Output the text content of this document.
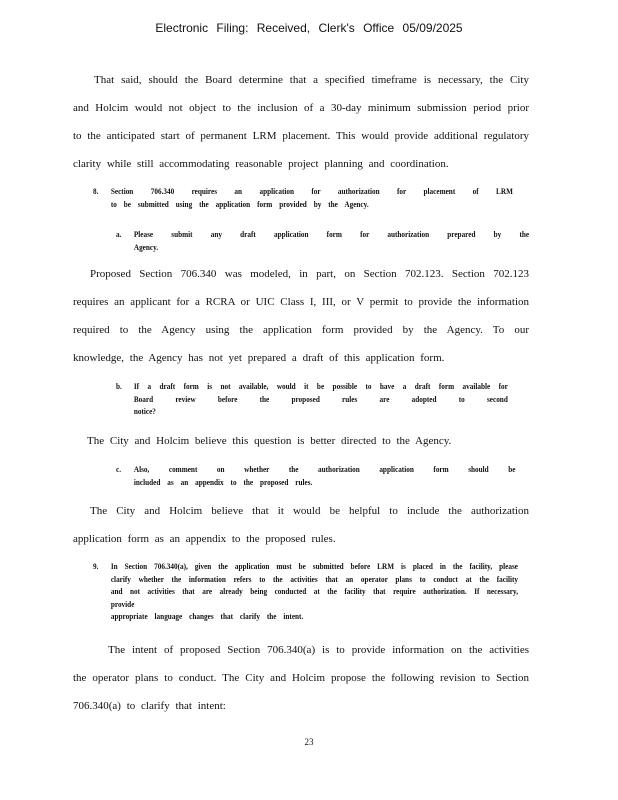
Electronic Filing: Received, Clerk's Office 05/09/2025
That said, should the Board determine that a specified timeframe is necessary, the City and Holcim would not object to the inclusion of a 30-day minimum submission period prior to the anticipated start of permanent LRM placement. This would provide additional regulatory clarity while still accommodating reasonable project planning and coordination.
8. Section 706.340 requires an application for authorization for placement of LRM
to be submitted using the application form provided by the Agency.
a. Please submit any draft application form for authorization prepared by the
Agency.
Proposed Section 706.340 was modeled, in part, on Section 702.123. Section 702.123 requires an applicant for a RCRA or UIC Class I, III, or V permit to provide the information required to the Agency using the application form provided by the Agency. To our knowledge, the Agency has not yet prepared a draft of this application form.
b. If a draft form is not available, would it be possible to have a draft form available for Board review before the proposed rules are adopted to second
notice?
The City and Holcim believe this question is better directed to the Agency.
c. Also, comment on whether the authorization application form should be
included as an appendix to the proposed rules.
The City and Holcim believe that it would be helpful to include the authorization application form as an appendix to the proposed rules.
9. In Section 706.340(a), given the application must be submitted before LRM is placed in the facility, please clarify whether the information refers to the activities that an operator plans to conduct at the facility and not activities that are already being conducted at the facility that require authorization. If necessary, provide
appropriate language changes that clarify the intent.
The intent of proposed Section 706.340(a) is to provide information on the activities the operator plans to conduct. The City and Holcim propose the following revision to Section 706.340(a) to clarify that intent:
23
